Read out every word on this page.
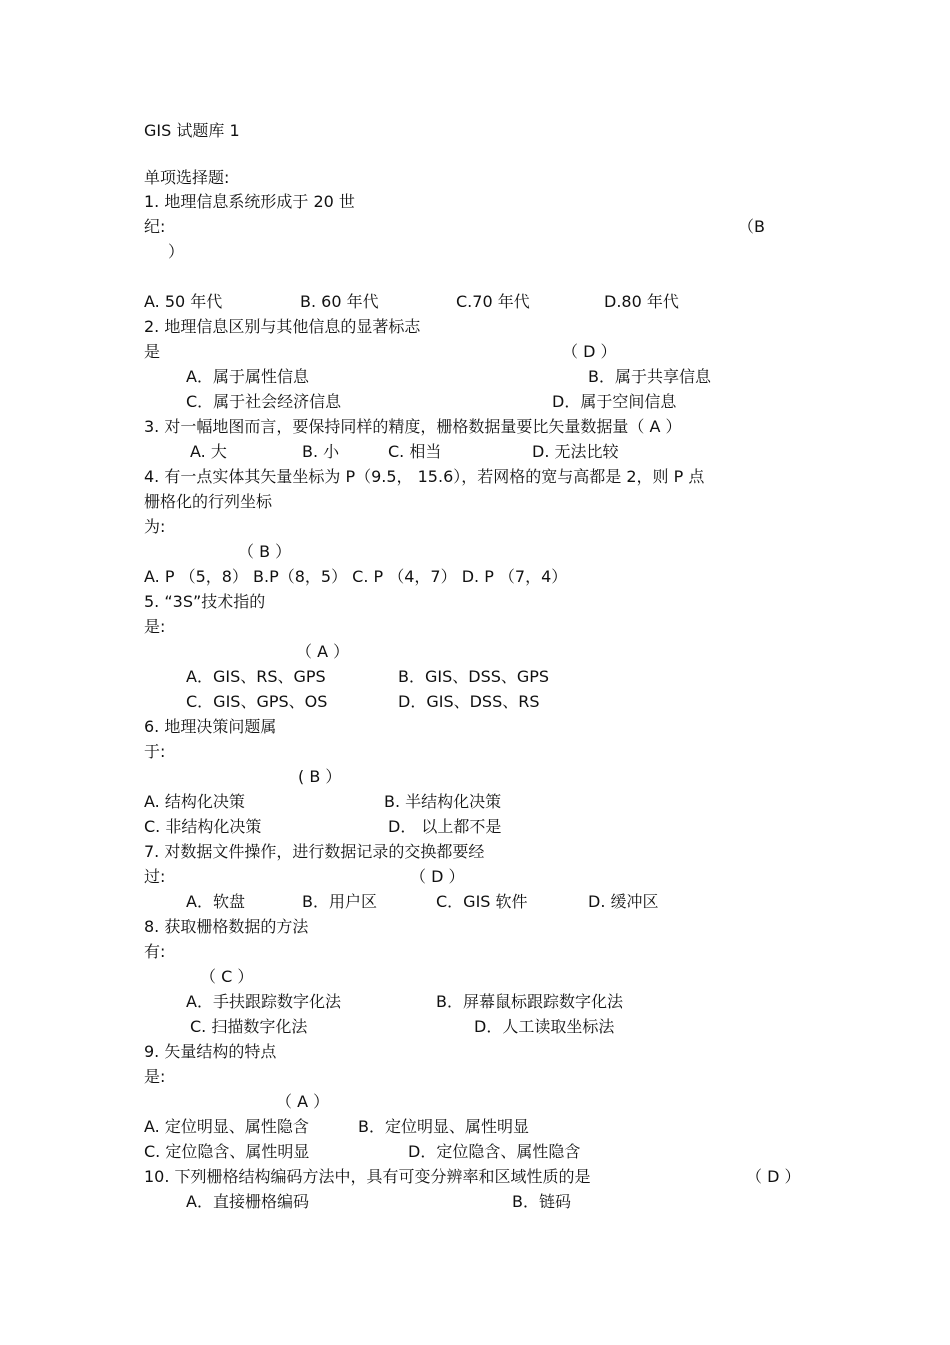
GIS 试题库 1
单项选择题:
1. 地理信息系统形成于 20 世
纪:	（B
）
A. 50 年代	B. 60 年代	C.70 年代	D.80 年代
2. 地理信息区别与其他信息的显著标志
是	（ D ）
A．属于属性信息	B．属于共享信息
C．属于社会经济信息	D．属于空间信息
3. 对一幅地图而言，要保持同样的精度，栅格数据量要比矢量数据量（ A ）
A. 大	B. 小	C. 相当	D. 无法比较
4. 有一点实体其矢量坐标为 P（9.5， 15.6），若网格的宽与高都是 2，则 P 点
栅格化的行列坐标
为:
（ B ）
A. P （5，8） B.P（8，5） C. P （4，7） D. P （7，4）
5. “3S”技术指的
是:
（ A ）
A．GIS、RS、GPS	B．GIS、DSS、GPS
C．GIS、GPS、OS	D．GIS、DSS、RS
6. 地理决策问题属
于:
( B ）
A. 结构化决策	B. 半结构化决策
C. 非结构化决策	D． 以上都不是
7. 对数据文件操作，进行数据记录的交换都要经
过:	（ D ）
A．软盘	B．用户区	C．GIS 软件	D. 缓冲区
8. 获取栅格数据的方法
有:
（ C ）
A．手扶跟踪数字化法	B．屏幕鼠标跟踪数字化法
C. 扫描数字化法	D．人工读取坐标法
9. 矢量结构的特点
是:
（ A ）
A. 定位明显、属性隐含	B．定位明显、属性明显
C. 定位隐含、属性明显	D．定位隐含、属性隐含
10. 下列栅格结构编码方法中，具有可变分辨率和区域性质的是	（ D ）
A．直接栅格编码	B．链码
